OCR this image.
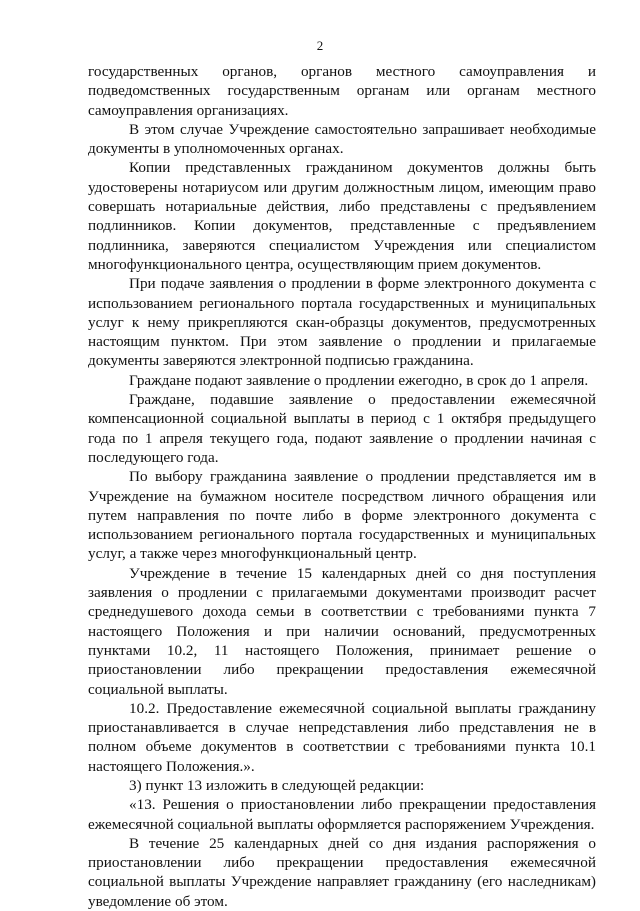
2

государственных органов, органов местного самоуправления и подведомственных государственным органам или органам местного самоуправления организациях.

В этом случае Учреждение самостоятельно запрашивает необходимые документы в уполномоченных органах.

Копии представленных гражданином документов должны быть удостоверены нотариусом или другим должностным лицом, имеющим право совершать нотариальные действия, либо представлены с предъявлением подлинников. Копии документов, представленные с предъявлением подлинника, заверяются специалистом Учреждения или специалистом многофункционального центра, осуществляющим прием документов.

При подаче заявления о продлении в форме электронного документа с использованием регионального портала государственных и муниципальных услуг к нему прикрепляются скан-образцы документов, предусмотренных настоящим пунктом. При этом заявление о продлении и прилагаемые документы заверяются электронной подписью гражданина.

Граждане подают заявление о продлении ежегодно, в срок до 1 апреля.

Граждане, подавшие заявление о предоставлении ежемесячной компенсационной социальной выплаты в период с 1 октября предыдущего года по 1 апреля текущего года, подают заявление о продлении начиная с последующего года.

По выбору гражданина заявление о продлении представляется им в Учреждение на бумажном носителе посредством личного обращения или путем направления по почте либо в форме электронного документа с использованием регионального портала государственных и муниципальных услуг, а также через многофункциональный центр.

Учреждение в течение 15 календарных дней со дня поступления заявления о продлении с прилагаемыми документами производит расчет среднедушевого дохода семьи в соответствии с требованиями пункта 7 настоящего Положения и при наличии оснований, предусмотренных пунктами 10.2, 11 настоящего Положения, принимает решение о приостановлении либо прекращении предоставления ежемесячной социальной выплаты.

10.2. Предоставление ежемесячной социальной выплаты гражданину приостанавливается в случае непредставления либо представления не в полном объеме документов в соответствии с требованиями пункта 10.1 настоящего Положения.».

3) пункт 13 изложить в следующей редакции:

«13. Решения о приостановлении либо прекращении предоставления ежемесячной социальной выплаты оформляется распоряжением Учреждения.

В течение 25 календарных дней со дня издания распоряжения о приостановлении либо прекращении предоставления ежемесячной социальной выплаты Учреждение направляет гражданину (его наследникам) уведомление об этом.
